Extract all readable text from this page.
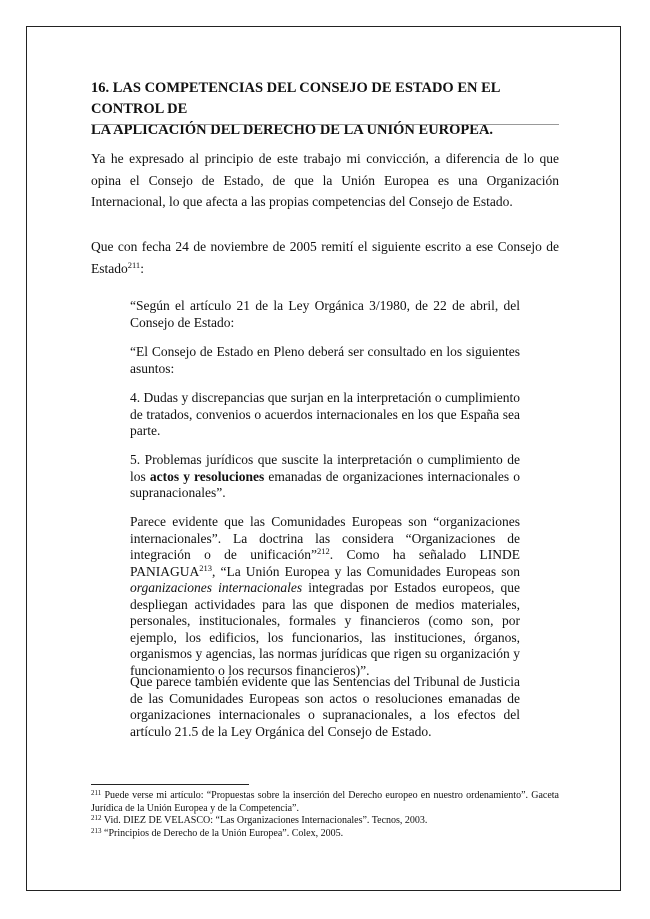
16. LAS COMPETENCIAS DEL CONSEJO DE ESTADO EN EL CONTROL DE
LA APLICACIÓN DEL DERECHO DE LA UNIÓN EUROPEA.

Ya he expresado al principio de este trabajo mi convicción, a diferencia de lo que opina el Consejo de Estado, de que la Unión Europea es una Organización Internacional, lo que afecta a las propias competencias del Consejo de Estado.

Que con fecha 24 de noviembre de 2005 remití el siguiente escrito a ese Consejo de Estado$^{211}$:

“Según el artículo 21 de la Ley Orgánica 3/1980, de 22 de abril, del Consejo de Estado:

“El Consejo de Estado en Pleno deberá ser consultado en los siguientes asuntos:

4. Dudas y discrepancias que surjan en la interpretación o cumplimiento de tratados, convenios o acuerdos internacionales en los que España sea parte.

5. Problemas jurídicos que suscite la interpretación o cumplimiento de los actos y resoluciones emanadas de organizaciones internacionales o supranacionales”.

Parece evidente que las Comunidades Europeas son “organizaciones internacionales”. La doctrina las considera “Organizaciones de integración o de unificación”$^{212}$. Como ha señalado LINDE PANIAGUA$^{213}$, “La Unión Europea y las Comunidades Europeas son organizaciones internacionales integradas por Estados europeos, que despliegan actividades para las que disponen de medios materiales, personales, institucionales, formales y financieros (como son, por ejemplo, los edificios, los funcionarios, las instituciones, órganos, organismos y agencias, las normas jurídicas que rigen su organización y funcionamiento o los recursos financieros)”.

Que parece también evidente que las Sentencias del Tribunal de Justicia de las Comunidades Europeas son actos o resoluciones emanadas de organizaciones internacionales o supranacionales, a los efectos del artículo 21.5 de la Ley Orgánica del Consejo de Estado.

$^{211}$ Puede verse mi artículo: “Propuestas sobre la inserción del Derecho europeo en nuestro ordenamiento”. Gaceta Jurídica de la Unión Europea y de la Competencia”.

$^{212}$ Vid. DIEZ DE VELASCO: “Las Organizaciones Internacionales”. Tecnos, 2003.

$^{213}$ “Principios de Derecho de la Unión Europea”. Colex, 2005.
